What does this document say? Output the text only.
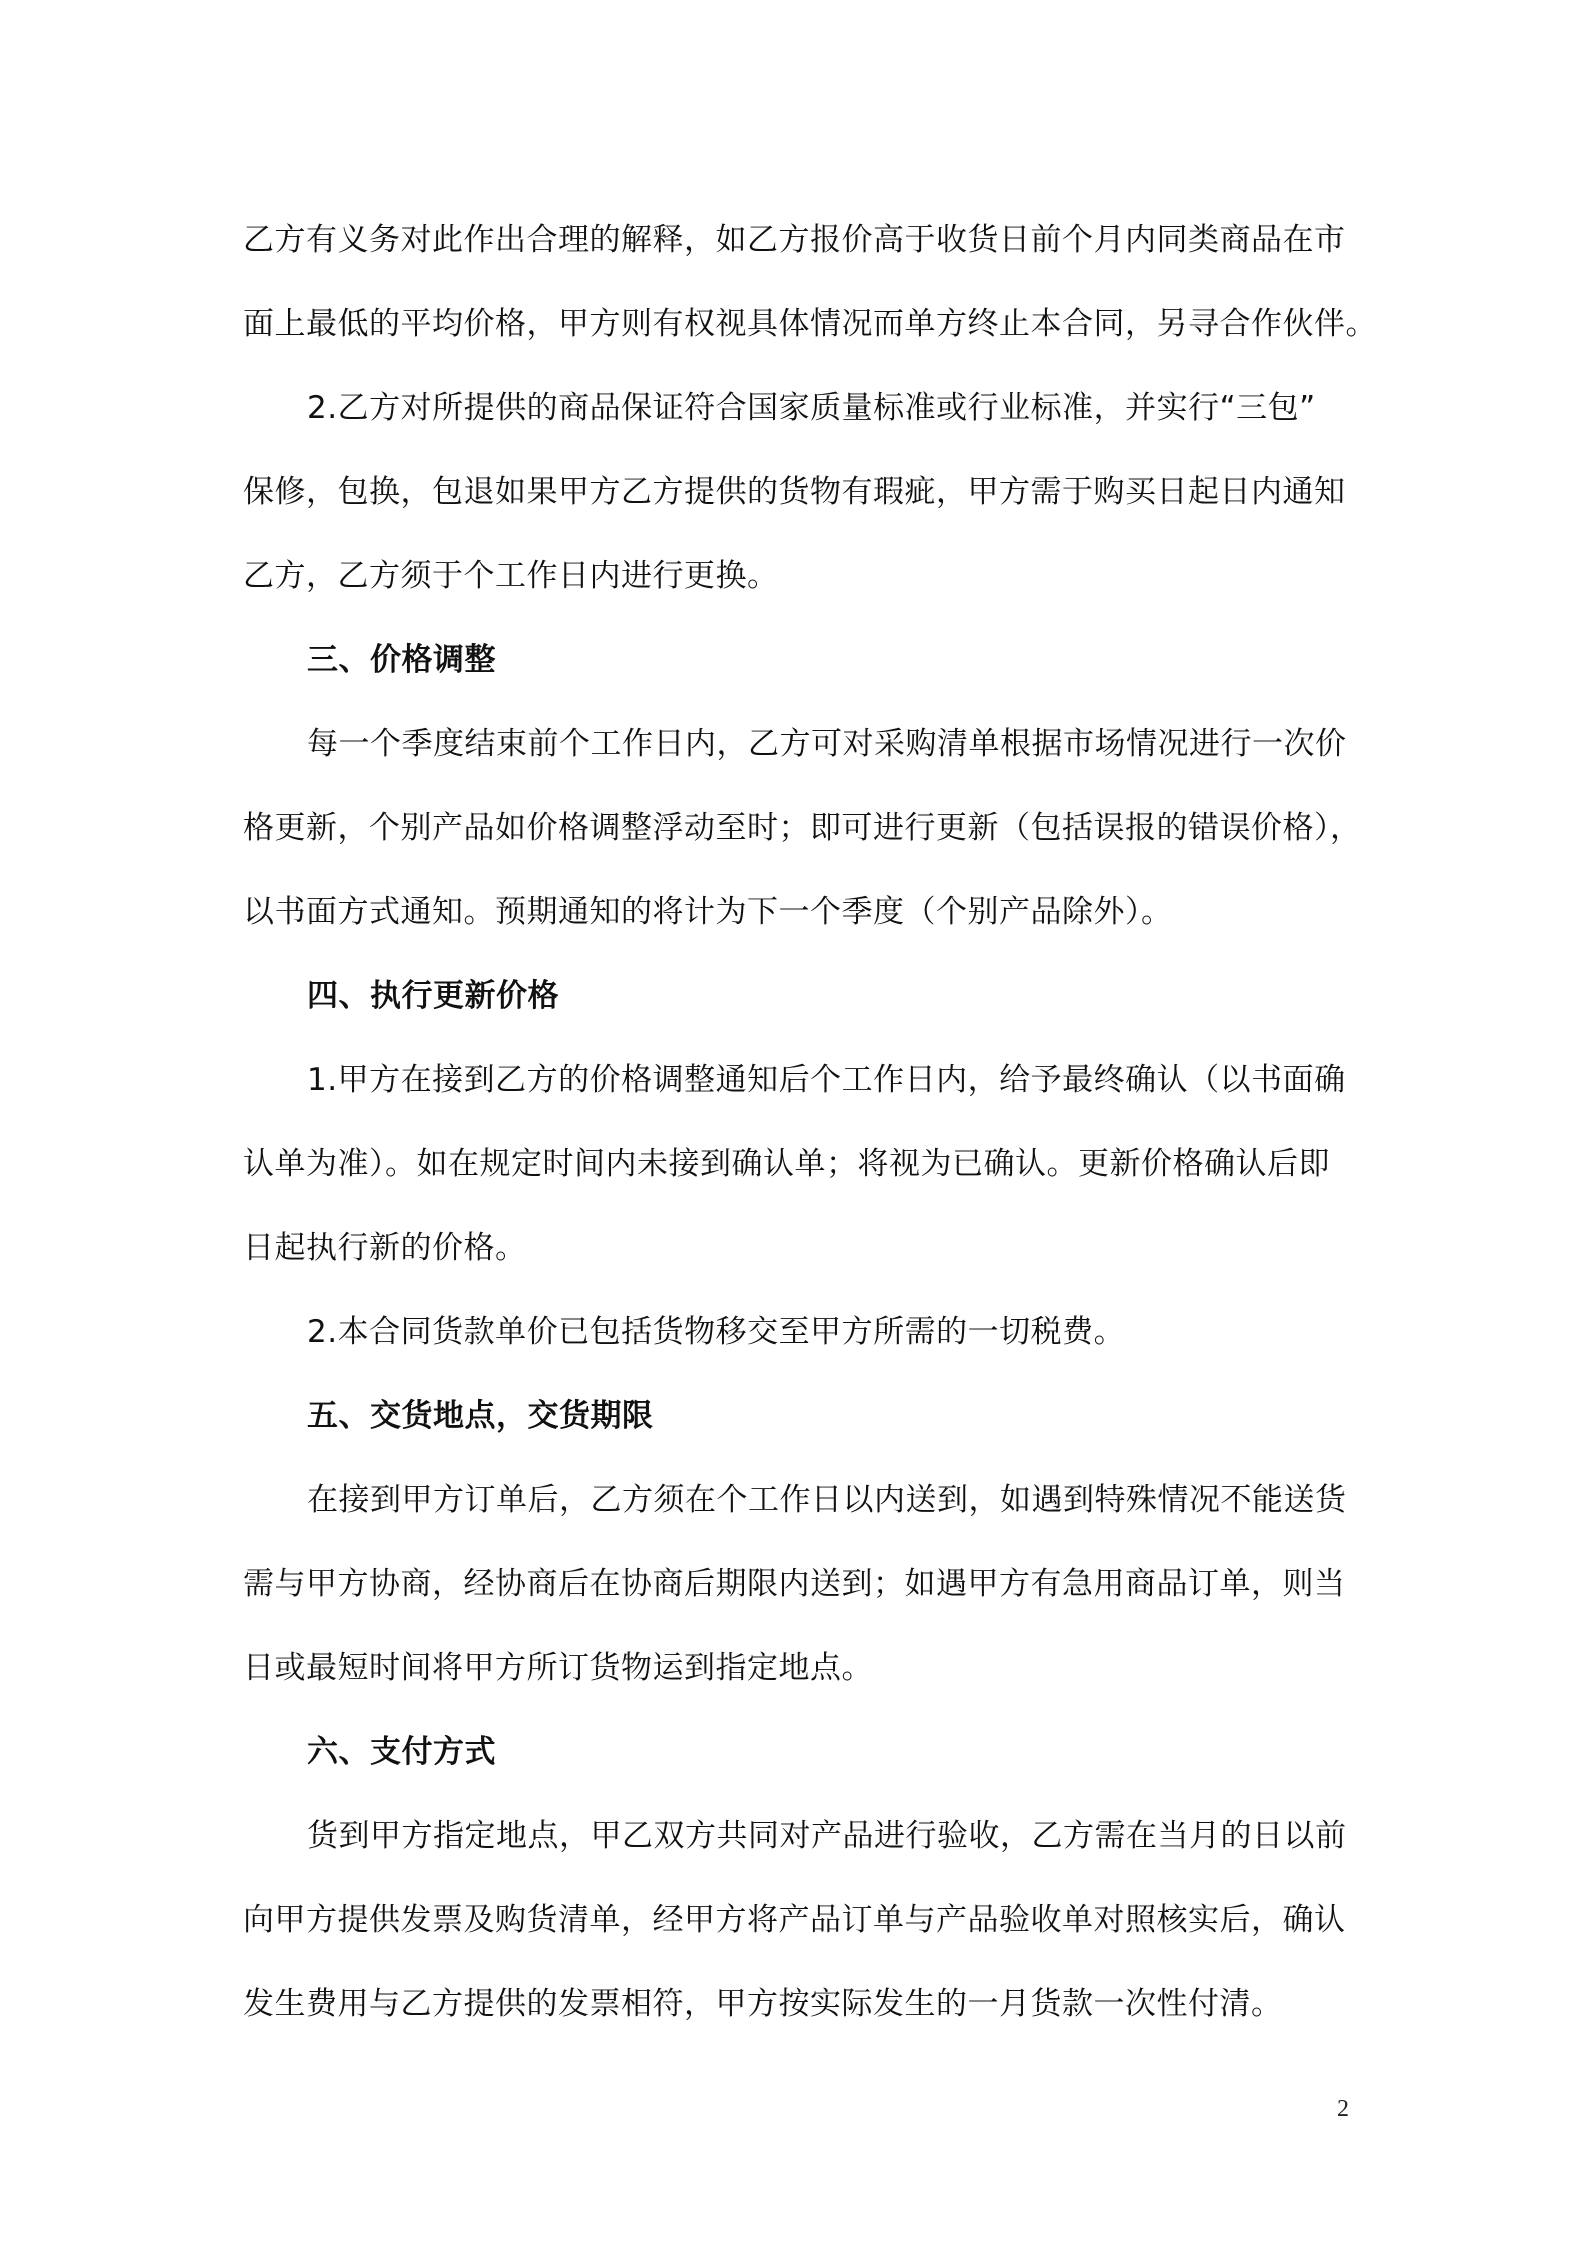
乙方有义务对此作出合理的解释，如乙方报价高于收货日前个月内同类商品在市
面上最低的平均价格，甲方则有权视具体情况而单方终止本合同，另寻合作伙伴。
2.乙方对所提供的商品保证符合国家质量标准或行业标准，并实行“三包”
保修，包换，包退如果甲方乙方提供的货物有瑕疵，甲方需于购买日起日内通知
乙方，乙方须于个工作日内进行更换。
三、价格调整
每一个季度结束前个工作日内，乙方可对采购清单根据市场情况进行一次价
格更新，个别产品如价格调整浮动至时；即可进行更新（包括误报的错误价格），
以书面方式通知。预期通知的将计为下一个季度（个别产品除外）。
四、执行更新价格
1.甲方在接到乙方的价格调整通知后个工作日内，给予最终确认（以书面确
认单为准）。如在规定时间内未接到确认单；将视为已确认。更新价格确认后即
日起执行新的价格。
2.本合同货款单价已包括货物移交至甲方所需的一切税费。
五、交货地点，交货期限
在接到甲方订单后，乙方须在个工作日以内送到，如遇到特殊情况不能送货
需与甲方协商，经协商后在协商后期限内送到；如遇甲方有急用商品订单，则当
日或最短时间将甲方所订货物运到指定地点。
六、支付方式
货到甲方指定地点，甲乙双方共同对产品进行验收，乙方需在当月的日以前
向甲方提供发票及购货清单，经甲方将产品订单与产品验收单对照核实后，确认
发生费用与乙方提供的发票相符，甲方按实际发生的一月货款一次性付清。
2
